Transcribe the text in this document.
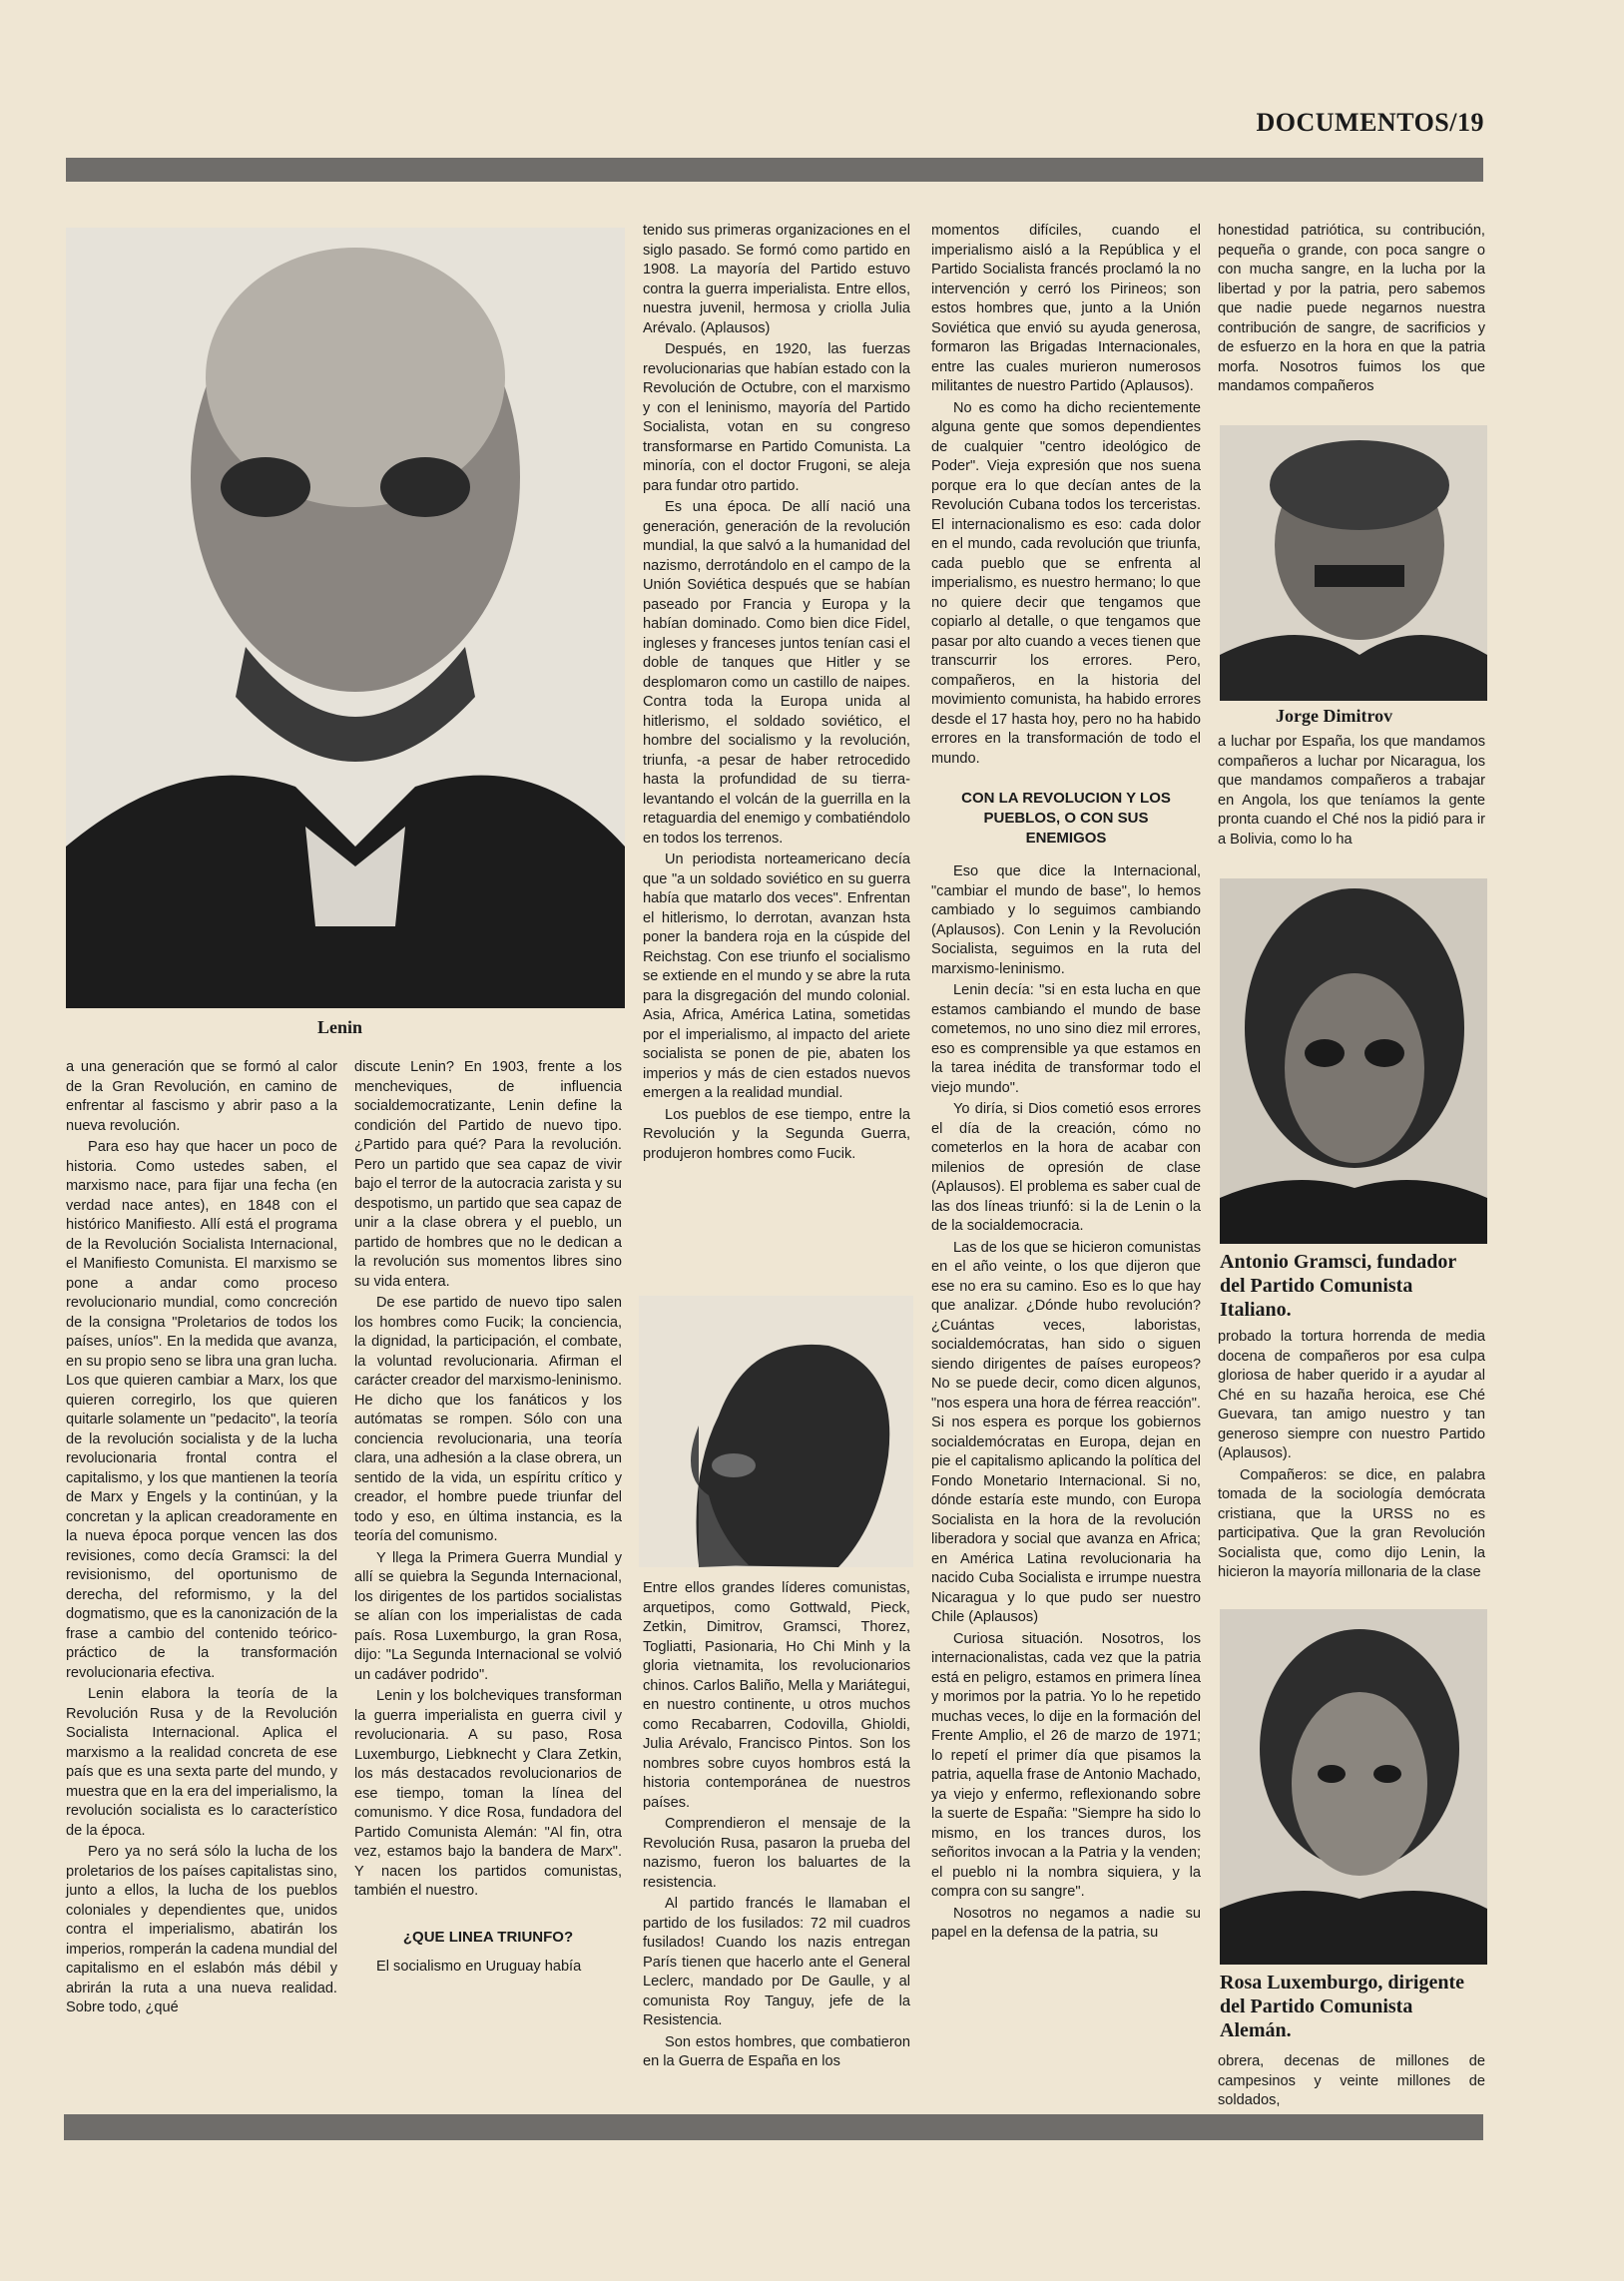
DOCUMENTOS/19
Lenin

a una generación que se formó al calor de la Gran Revolución, en camino de enfrentar al fascismo y abrir paso a la nueva revolución.

Para eso hay que hacer un poco de historia. Como ustedes saben, el marxismo nace, para fijar una fecha (en verdad nace antes), en 1848 con el histórico Manifiesto. Allí está el programa de la Revolución Socialista Internacional, el Manifiesto Comunista. El marxismo se pone a andar como proceso revolucionario mundial, como concreción de la consigna "Proletarios de todos los países, uníos". En la medida que avanza, en su propio seno se libra una gran lucha. Los que quieren cambiar a Marx, los que quieren corregirlo, los que quieren quitarle solamente un "pedacito", la teoría de la revolución socialista y de la lucha revolucionaria frontal contra el capitalismo, y los que mantienen la teoría de Marx y Engels y la continúan, y la concretan y la aplican creadoramente en la nueva época porque vencen las dos revisiones, como decía Gramsci: la del revisionismo, del oportunismo de derecha, del reformismo, y la del dogmatismo, que es la canonización de la frase a cambio del contenido teórico-práctico de la transformación revolucionaria efectiva.

Lenin elabora la teoría de la Revolución Rusa y de la Revolución Socialista Internacional. Aplica el marxismo a la realidad concreta de ese país que es una sexta parte del mundo, y muestra que en la era del imperialismo, la revolución socialista es lo característico de la época.

Pero ya no será sólo la lucha de los proletarios de los países capitalistas sino, junto a ellos, la lucha de los pueblos coloniales y dependientes que, unidos contra el imperialismo, abatirán los imperios, romperán la cadena mundial del capitalismo en el eslabón más débil y abrirán la ruta a una nueva realidad. Sobre todo, ¿qué

discute Lenin? En 1903, frente a los mencheviques, de influencia socialdemocratizante, Lenin define la condición del Partido de nuevo tipo. ¿Partido para qué? Para la revolución. Pero un partido que sea capaz de vivir bajo el terror de la autocracia zarista y su despotismo, un partido que sea capaz de unir a la clase obrera y el pueblo, un partido de hombres que no le dedican a la revolución sus momentos libres sino su vida entera.

De ese partido de nuevo tipo salen los hombres como Fucik; la conciencia, la dignidad, la participación, el combate, la voluntad revolucionaria. Afirman el carácter creador del marxismo-leninismo. He dicho que los fanáticos y los autómatas se rompen. Sólo con una conciencia revolucionaria, una teoría clara, una adhesión a la clase obrera, un sentido de la vida, un espíritu crítico y creador, el hombre puede triunfar del todo y eso, en última instancia, es la teoría del comunismo.

Y llega la Primera Guerra Mundial y allí se quiebra la Segunda Internacional, los dirigentes de los partidos socialistas se alían con los imperialistas de cada país. Rosa Luxemburgo, la gran Rosa, dijo: "La Segunda Internacional se volvió un cadáver podrido".

Lenin y los bolcheviques transforman la guerra imperialista en guerra civil y revolucionaria. A su paso, Rosa Luxemburgo, Liebknecht y Clara Zetkin, los más destacados revolucionarios de ese tiempo, toman la línea del comunismo. Y dice Rosa, fundadora del Partido Comunista Alemán: "Al fin, otra vez, estamos bajo la bandera de Marx". Y nacen los partidos comunistas, también el nuestro.

¿QUE LINEA TRIUNFO?

El socialismo en Uruguay había

tenido sus primeras organizaciones en el siglo pasado. Se formó como partido en 1908. La mayoría del Partido estuvo contra la guerra imperialista. Entre ellos, nuestra juvenil, hermosa y criolla Julia Arévalo. (Aplausos)

Después, en 1920, las fuerzas revolucionarias que habían estado con la Revolución de Octubre, con el marxismo y con el leninismo, mayoría del Partido Socialista, votan en su congreso transformarse en Partido Comunista. La minoría, con el doctor Frugoni, se aleja para fundar otro partido.

Es una época. De allí nació una generación, generación de la revolución mundial, la que salvó a la humanidad del nazismo, derrotándolo en el campo de la Unión Soviética después que se habían paseado por Francia y Europa y la habían dominado. Como bien dice Fidel, ingleses y franceses juntos tenían casi el doble de tanques que Hitler y se desplomaron como un castillo de naipes. Contra toda la Europa unida al hitlerismo, el soldado soviético, el hombre del socialismo y la revolución, triunfa, -a pesar de haber retrocedido hasta la profundidad de su tierra- levantando el volcán de la guerrilla en la retaguardia del enemigo y combatiéndolo en todos los terrenos.

Un periodista norteamericano decía que "a un soldado soviético en su guerra había que matarlo dos veces". Enfrentan el hitlerismo, lo derrotan, avanzan hsta poner la bandera roja en la cúspide del Reichstag. Con ese triunfo el socialismo se extiende en el mundo y se abre la ruta para la disgregación del mundo colonial. Asia, Africa, América Latina, sometidas por el imperialismo, al impacto del ariete socialista se ponen de pie, abaten los imperios y más de cien estados nuevos emergen a la realidad mundial.

Los pueblos de ese tiempo, entre la Revolución y la Segunda Guerra, produjeron hombres como Fucik.

Entre ellos grandes líderes comunistas, arquetipos, como Gottwald, Pieck, Zetkin, Dimitrov, Gramsci, Thorez, Togliatti, Pasionaria, Ho Chi Minh y la gloria vietnamita, los revolucionarios chinos. Carlos Baliño, Mella y Mariátegui, en nuestro continente, u otros muchos como Recabarren, Codovilla, Ghioldi, Julia Arévalo, Francisco Pintos. Son los nombres sobre cuyos hombros está la historia contemporánea de nuestros países.

Comprendieron el mensaje de la Revolución Rusa, pasaron la prueba del nazismo, fueron los baluartes de la resistencia.

Al partido francés le llamaban el partido de los fusilados: 72 mil cuadros fusilados! Cuando los nazis entregan París tienen que hacerlo ante el General Leclerc, mandado por De Gaulle, y al comunista Roy Tanguy, jefe de la Resistencia.

Son estos hombres, que combatieron en la Guerra de España en los

momentos difíciles, cuando el imperialismo aisló a la República y el Partido Socialista francés proclamó la no intervención y cerró los Pirineos; son estos hombres que, junto a la Unión Soviética que envió su ayuda generosa, formaron las Brigadas Internacionales, entre las cuales murieron numerosos militantes de nuestro Partido (Aplausos).

No es como ha dicho recientemente alguna gente que somos dependientes de cualquier "centro ideológico de Poder". Vieja expresión que nos suena porque era lo que decían antes de la Revolución Cubana todos los terceristas. El internacionalismo es eso: cada dolor en el mundo, cada revolución que triunfa, cada pueblo que se enfrenta al imperialismo, es nuestro hermano; lo que no quiere decir que tengamos que copiarlo al detalle, o que tengamos que pasar por alto cuando a veces tienen que transcurrir los errores. Pero, compañeros, en la historia del movimiento comunista, ha habido errores desde el 17 hasta hoy, pero no ha habido errores en la transformación de todo el mundo.

CON LA REVOLUCION Y LOS PUEBLOS, O CON SUS ENEMIGOS

Eso que dice la Internacional, "cambiar el mundo de base", lo hemos cambiado y lo seguimos cambiando (Aplausos). Con Lenin y la Revolución Socialista, seguimos en la ruta del marxismo-leninismo.

Lenin decía: "si en esta lucha en que estamos cambiando el mundo de base cometemos, no uno sino diez mil errores, eso es comprensible ya que estamos en la tarea inédita de transformar todo el viejo mundo".

Yo diría, si Dios cometió esos errores el día de la creación, cómo no cometerlos en la hora de acabar con milenios de opresión de clase (Aplausos). El problema es saber cual de las dos líneas triunfó: si la de Lenin o la de la socialdemocracia.

Las de los que se hicieron comunistas en el año veinte, o los que dijeron que ese no era su camino. Eso es lo que hay que analizar. ¿Dónde hubo revolución? ¿Cuántas veces, laboristas, socialdemócratas, han sido o siguen siendo dirigentes de países europeos? No se puede decir, como dicen algunos, "nos espera una hora de férrea reacción". Si nos espera es porque los gobiernos socialdemócratas en Europa, dejan en pie el capitalismo aplicando la política del Fondo Monetario Internacional. Si no, dónde estaría este mundo, con Europa Socialista en la hora de la revolución liberadora y social que avanza en Africa; en América Latina revolucionaria ha nacido Cuba Socialista e irrumpe nuestra Nicaragua y lo que pudo ser nuestro Chile (Aplausos)

Curiosa situación. Nosotros, los internacionalistas, cada vez que la patria está en peligro, estamos en primera línea y morimos por la patria. Yo lo he repetido muchas veces, lo dije en la formación del Frente Amplio, el 26 de marzo de 1971; lo repetí el primer día que pisamos la patria, aquella frase de Antonio Machado, ya viejo y enfermo, reflexionando sobre la suerte de España: "Siempre ha sido lo mismo, en los trances duros, los señoritos invocan a la Patria y la venden; el pueblo ni la nombra siquiera, y la compra con su sangre".

Nosotros no negamos a nadie su papel en la defensa de la patria, su

honestidad patriótica, su contribución, pequeña o grande, con poca sangre o con mucha sangre, en la lucha por la libertad y por la patria, pero sabemos que nadie puede negarnos nuestra contribución de sangre, de sacrificios y de esfuerzo en la hora en que la patria morfa. Nosotros fuimos los que mandamos compañeros

Jorge Dimitrov

a luchar por España, los que mandamos compañeros a luchar por Nicaragua, los que mandamos compañeros a trabajar en Angola, los que teníamos la gente pronta cuando el Ché nos la pidió para ir a Bolivia, como lo ha

Antonio Gramsci, fundador del Partido Comunista Italiano.

probado la tortura horrenda de media docena de compañeros por esa culpa gloriosa de haber querido ir a ayudar al Ché en su hazaña heroica, ese Ché Guevara, tan amigo nuestro y tan generoso siempre con nuestro Partido (Aplausos).

Compañeros: se dice, en palabra tomada de la sociología demócrata cristiana, que la URSS no es participativa. Que la gran Revolución Socialista que, como dijo Lenin, la hicieron la mayoría millonaria de la clase

Rosa Luxemburgo, dirigente del Partido Comunista Alemán.

obrera, decenas de millones de campesinos y veinte millones de soldados,
